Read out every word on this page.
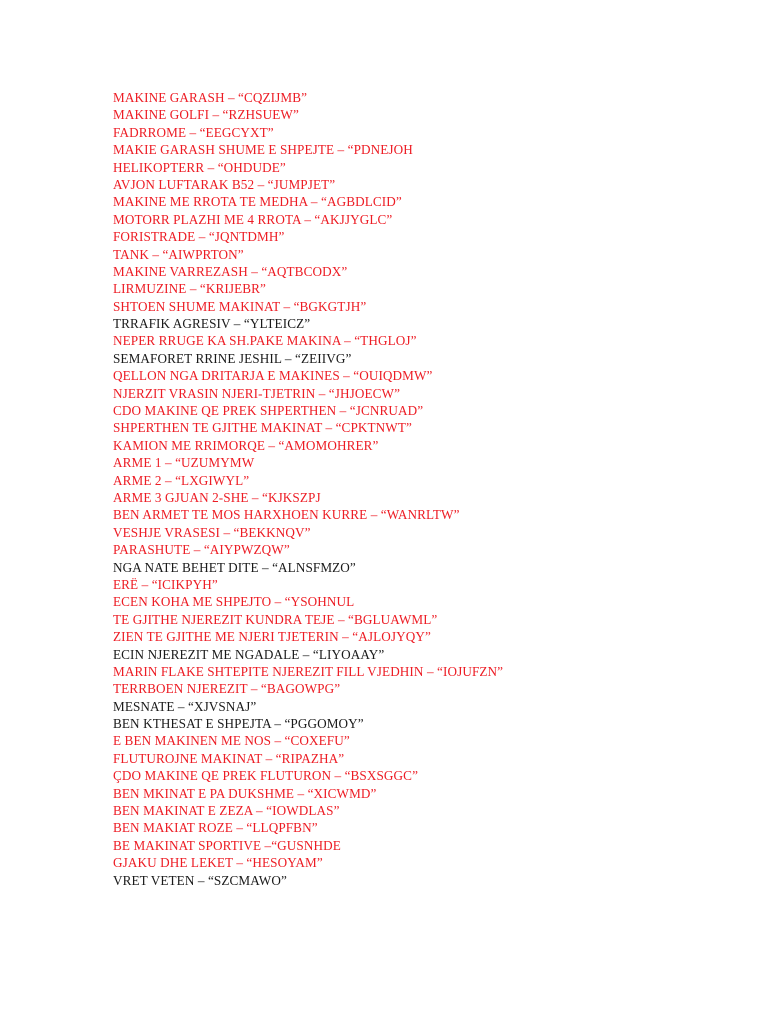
MAKINE GARASH – “CQZIJMB”
MAKINE GOLFI – “RZHSUEW”
FADRROME – “EEGCYXT”
MAKIE GARASH SHUME E SHPEJTE – “PDNEJOH
HELIKOPTERR – “OHDUDE”
AVJON LUFTARAK B52 – “JUMPJET”
MAKINE ME RROTA TE MEDHA – “AGBDLCID”
MOTORR PLAZHI ME 4 RROTA – “AKJJYGLC”
FORISTRADE – “JQNTDMH”
TANK – “AIWPRTON”
MAKINE VARREZASH – “AQTBCODX”
LIRMUZINE – “KRIJEBR”
SHTOEN SHUME MAKINAT – “BGKGTJH”
TRRAFIK AGRESIV – “YLTEICZ”
NEPER RRUGE KA SH.PAKE MAKINA – “THGLOJ”
SEMAFORET RRINE JESHIL – “ZEIIVG”
QELLON NGA DRITARJA E MAKINES – “OUIQDMW”
NJERZIT VRASIN NJERI-TJETRIN – “JHJOECW”
CDO MAKINE QE PREK SHPERTHEN – “JCNRUAD”
SHPERTHEN TE GJITHE MAKINAT – “CPKTNWT”
KAMION ME RRIMORQE – “AMOMOHRER”
ARME 1 – “UZUMYMW
ARME 2 – “LXGIWYL”
ARME 3 GJUAN 2-SHE – “KJKSZPJ
BEN ARMET TE MOS HARXHOEN KURRE – “WANRLTW”
VESHJE VRASESI – “BEKKNQV”
PARASHUTE – “AIYPWZQW”
NGA NATE BEHET DITE – “ALNSFMZO”
ERË – “ICIKPYH”
ECEN KOHA ME SHPEJTO – “YSOHNUL
TE GJITHE NJEREZIT KUNDRA TEJE – “BGLUAWML”
ZIEN TE GJITHE ME NJERI TJETERIN – “AJLOJYQY”
ECIN NJEREZIT ME NGADALE – “LIYOAAY”
MARIN FLAKE SHTEPITE NJEREZIT FILL VJEDHIN – “IOJUFZN”
TERRBOEN NJEREZIT – “BAGOWPG”
MESNATE – “XJVSNAJ”
BEN KTHESAT E SHPEJTA – “PGGOMOY”
E BEN MAKINEN ME NOS – “COXEFU”
FLUTUROJNE MAKINAT – “RIPAZHA”
ÇDO MAKINE QE PREK FLUTURON – “BSXSGGC”
BEN MKINAT E PA DUKSHME – “XICWMD”
BEN MAKINAT E ZEZA – “IOWDLAS”
BEN MAKIAT ROZE – “LLQPFBN”
BE MAKINAT SPORTIVE –“GUSNHDE
GJAKU DHE LEKET – “HESOYAM”
VRET VETEN – “SZCMAWO”
